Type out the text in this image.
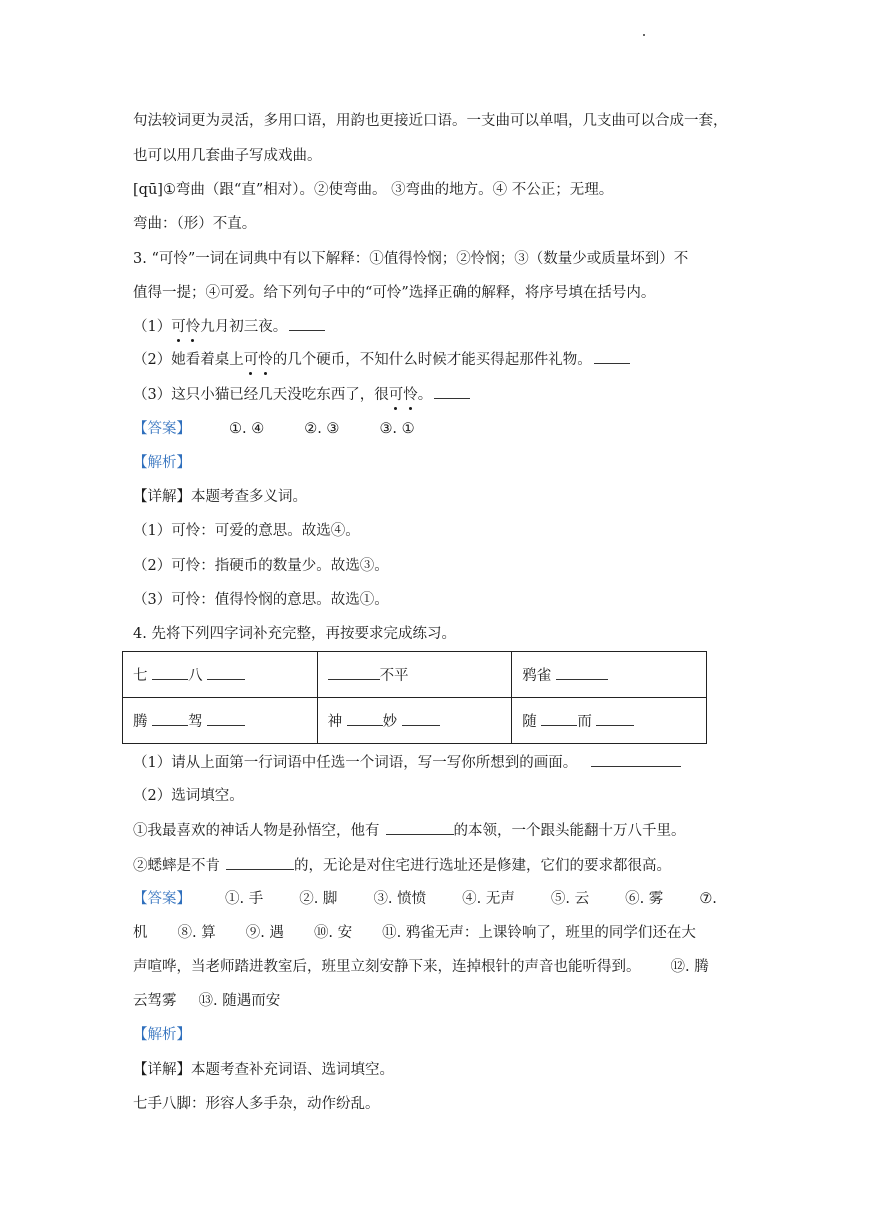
句法较词更为灵活，多用口语，用韵也更接近口语。一支曲可以单唱，几支曲可以合成一套，
也可以用几套曲子写成戏曲。
[qū]①弯曲（跟“直”相对）。②使弯曲。 ③弯曲的地方。④ 不公正；无理。
弯曲：（形）不直。
3. “可怜”一词在词典中有以下解释：①值得怜悯；②怜悯；③（数量少或质量坏到）不
值得一提；④可爱。给下列句子中的“可怜”选择正确的解释，将序号填在括号内。
（1）可怜九月初三夜。
（2）她看着桌上可怜的几个硬币，不知什么时候才能买得起那件礼物。
（3）这只小猫已经几天没吃东西了，很可怜。
【答案】	①. ④	②. ③	③. ①
【解析】
【详解】本题考查多义词。
（1）可怜：可爱的意思。故选④。
（2）可怜：指硬币的数量少。故选③。
（3）可怜：值得怜悯的意思。故选①。
4. 先将下列四字词补充完整，再按要求完成练习。
七 八	不平	鸦雀
腾 驾	神 妙	随 而
（1）请从上面第一行词语中任选一个词语，写一写你所想到的画面。
（2）选词填空。
①我最喜欢的神话人物是孙悟空，他有	的本领，一个跟头能翻十万八千里。
②蟋蟀是不肯	的，无论是对住宅进行选址还是修建，它们的要求都很高。
【答案】 ①. 手 ②. 脚 ③. 愤愤 ④. 无声 ⑤. 云 ⑥. 雾 ⑦.
机 ⑧. 算 ⑨. 遇 ⑩. 安 ⑪. 鸦雀无声：上课铃响了，班里的同学们还在大
声喧哗，当老师踏进教室后，班里立刻安静下来，连掉根针的声音也能听得到。 ⑫. 腾
云驾雾 ⑬. 随遇而安
【解析】
【详解】本题考查补充词语、选词填空。
七手八脚：形容人多手杂，动作纷乱。
